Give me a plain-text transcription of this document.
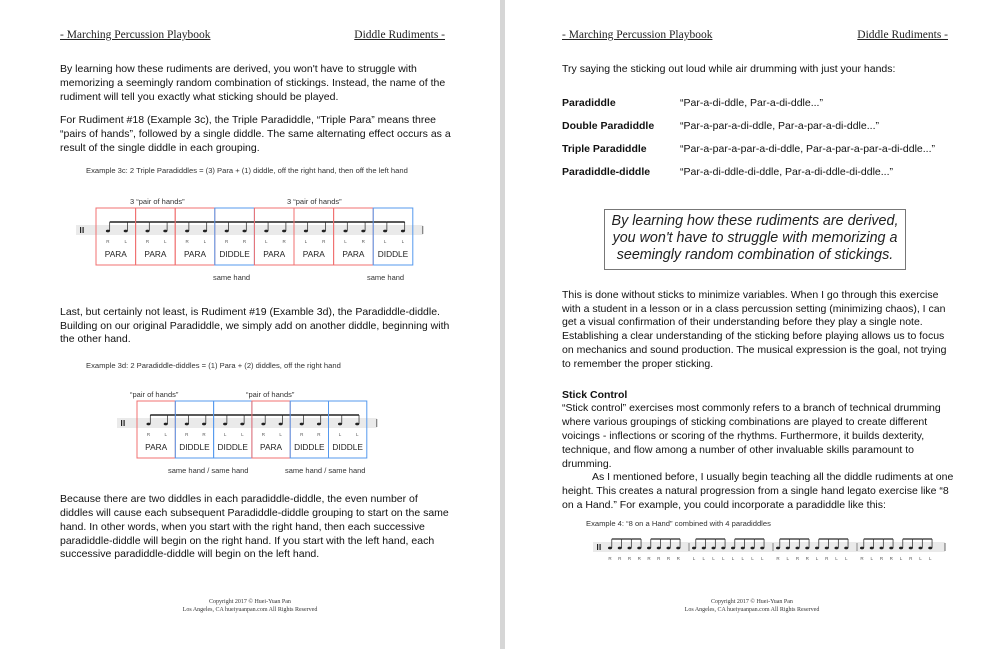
- Marching Percussion Playbook	Diddle Rudiments -
By learning how these rudiments are derived, you won't have to struggle with memorizing a seemingly random combination of stickings. Instead, the name of the rudiment will tell you exactly what sticking should be played.
For Rudiment #18 (Example 3c), the Triple Paradiddle, “Triple Para” means three “pairs of hands”, followed by a single diddle. The same alternating effect occurs as a result of the single diddle in each grouping.
Example 3c: 2 Triple Paradiddles = (3) Para + (1) diddle, off the right hand, then off the left hand
3 “pair of hands”	3 “pair of hands”
R	L
PARA
R	L
PARA
R	L
PARA
R	R
DIDDLE
L	R
PARA
L	R
PARA
L	R
PARA
L	L
DIDDLE
same hand	same hand
Last, but certainly not least, is Rudiment #19 (Examble 3d), the Paradiddle-diddle. Building on our original Paradiddle, we simply add on another diddle, beginning with the other hand.
Example 3d: 2 Paradiddle-diddles = (1) Para + (2) diddles, off the right hand
“pair of hands”	“pair of hands”
R	L
PARA
R	R
DIDDLE
L	L
DIDDLE
R	L
PARA
R	R
DIDDLE
L	L
DIDDLE
same hand / same hand	same hand / same hand
Because there are two diddles in each paradiddle-diddle, the even number of diddles will cause each subsequent Paradiddle-diddle grouping to start on the same hand. In other words, when you start with the right hand, then each successive paradiddle-diddle will begin on the right hand. If you start with the left hand, each successive paradiddle-diddle will begin on the left hand.
Copyright 2017 © Huei-Yuan Pan
Los Angeles, CA hueiyuanpan.com All Rights Reserved
- Marching Percussion Playbook	Diddle Rudiments -
Try saying the sticking out loud while air drumming with just your hands:
Paradiddle	“Par-a-di-ddle, Par-a-di-ddle...”
Double Paradiddle	“Par-a-par-a-di-ddle, Par-a-par-a-di-ddle...”
Triple Paradiddle	“Par-a-par-a-par-a-di-ddle, Par-a-par-a-par-a-di-ddle...”
Paradiddle-diddle	“Par-a-di-ddle-di-ddle, Par-a-di-ddle-di-ddle...”
By learning how these rudiments are derived, you won't have to struggle with memorizing a seemingly random combination of stickings.
This is done without sticks to minimize variables. When I go through this exercise with a student in a lesson or in a class percussion setting (minimizing chaos), I can get a visual confirmation of their understanding before they play a single note. Establishing a clear understanding of the sticking before playing allows us to focus on mechanics and sound production. The musical expression is the goal, not trying to remember the proper sticking.
Stick Control
“Stick control” exercises most commonly refers to a branch of technical drumming where various groupings of sticking combinations are played to create different voicings - inflections or scoring of the rhythms. Furthermore, it builds dexterity, technique, and flow among a number of other invaluable skills paramount to drumming.
As I mentioned before, I usually begin teaching all the diddle rudiments at one height. This creates a natural progression from a single hand legato exercise like “8 on a Hand.” For example, you could incorporate a paradiddle like this:
Example 4: “8 on a Hand” combined with 4 paradiddles
R R R R R R R R	L L L L L L L L	R L R R L R L L	R L R R L R L L
Copyright 2017 © Huei-Yuan Pan
Los Angeles, CA hueiyuanpan.com All Rights Reserved
